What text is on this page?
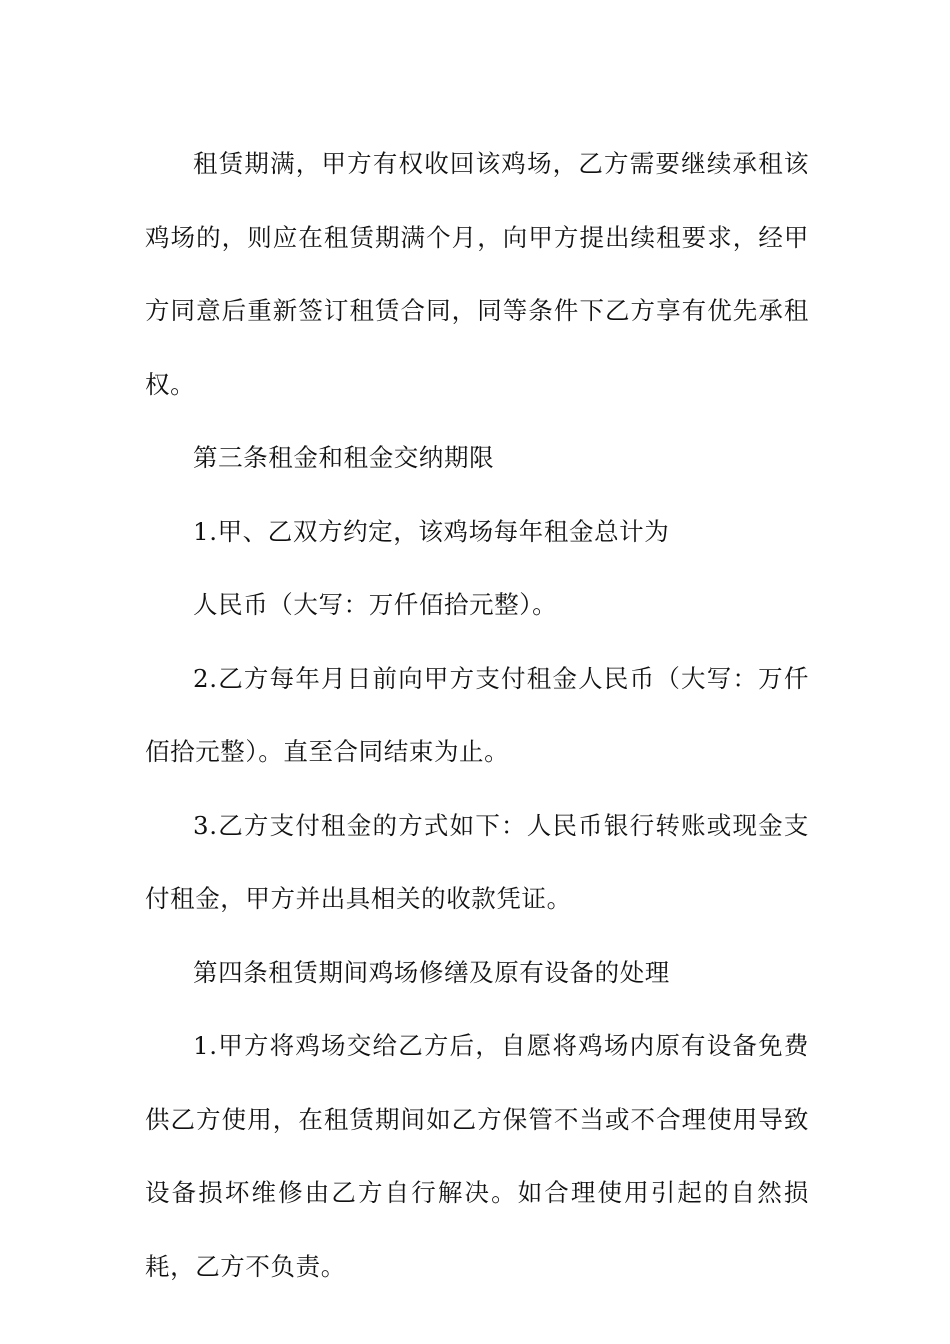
租赁期满，甲方有权收回该鸡场，乙方需要继续承租该鸡场的，则应在租赁期满个月，向甲方提出续租要求，经甲方同意后重新签订租赁合同，同等条件下乙方享有优先承租权。

第三条租金和租金交纳期限

1.甲、乙双方约定，该鸡场每年租金总计为

人民币（大写：万仟佰拾元整）。

2.乙方每年月日前向甲方支付租金人民币（大写：万仟佰拾元整）。直至合同结束为止。

3.乙方支付租金的方式如下：人民币银行转账或现金支付租金，甲方并出具相关的收款凭证。

第四条租赁期间鸡场修缮及原有设备的处理

1.甲方将鸡场交给乙方后，自愿将鸡场内原有设备免费供乙方使用，在租赁期间如乙方保管不当或不合理使用导致设备损坏维修由乙方自行解决。如合理使用引起的自然损耗，乙方不负责。
